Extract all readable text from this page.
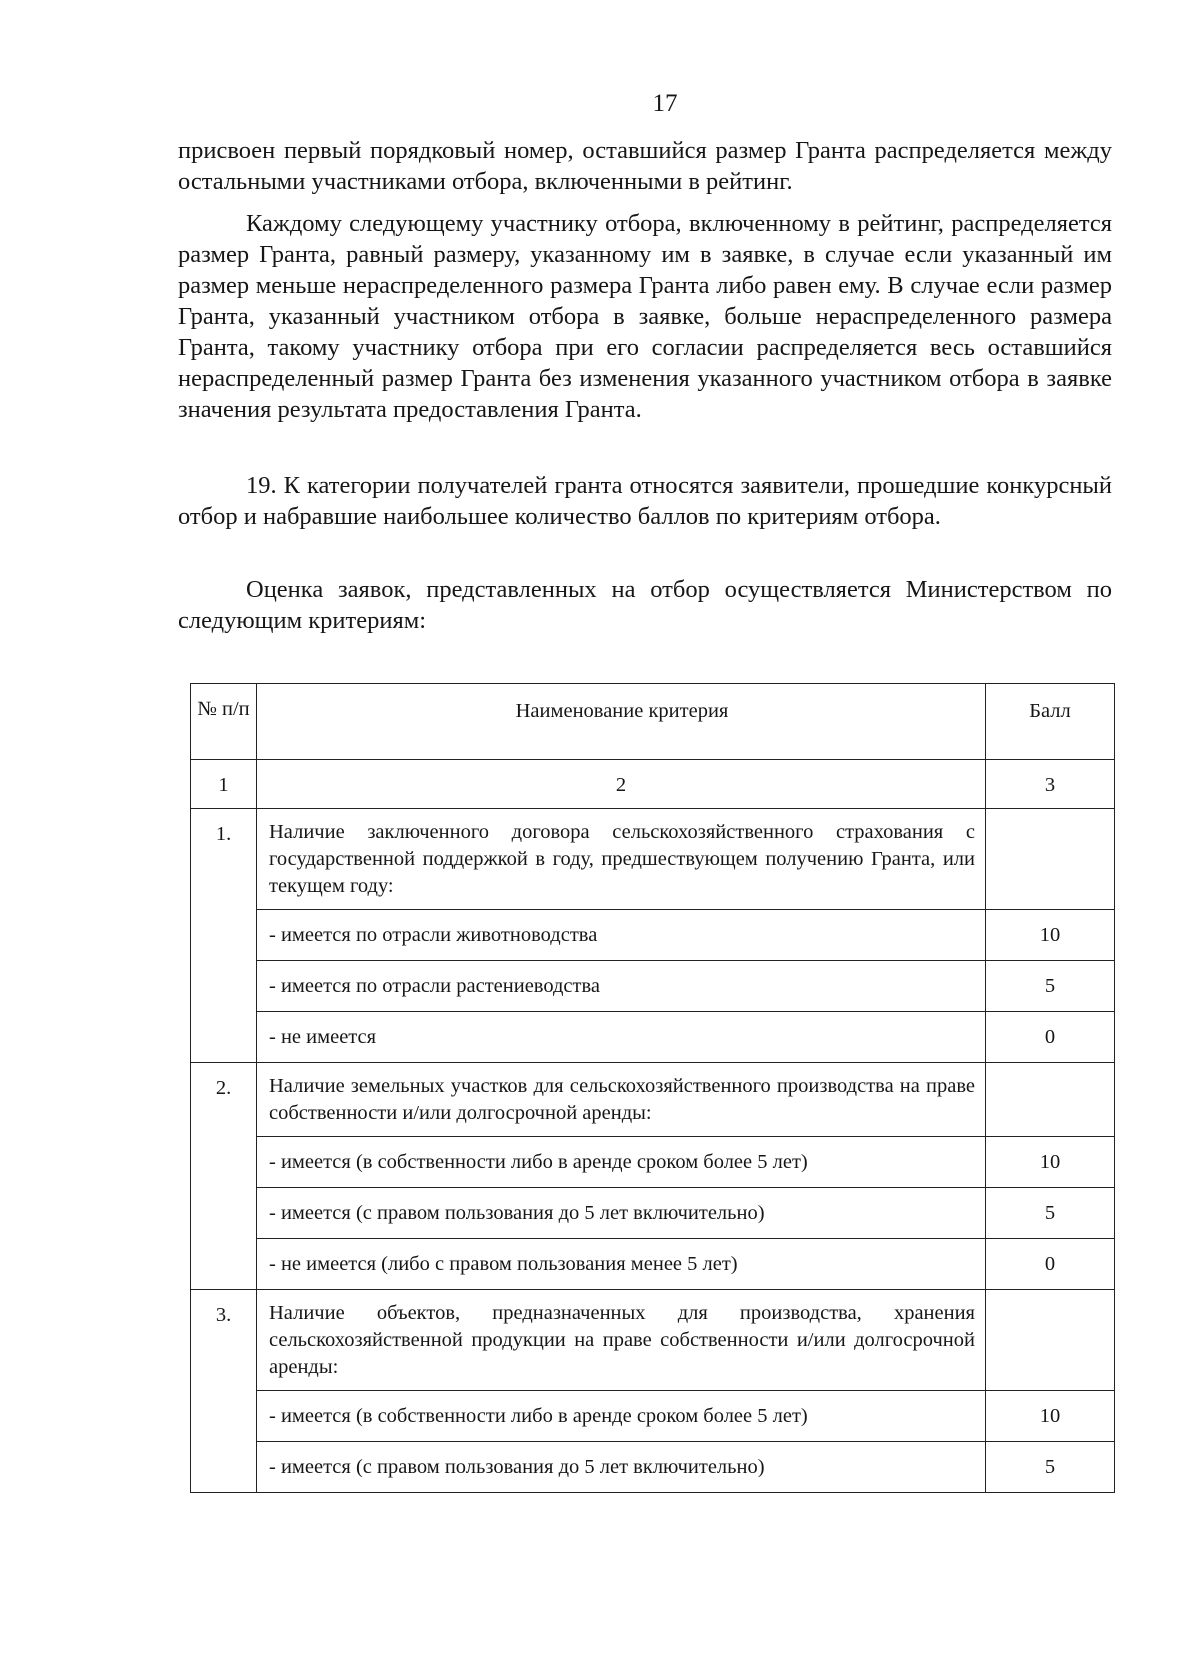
17

присвоен первый порядковый номер, оставшийся размер Гранта распределяется между остальными участниками отбора, включенными в рейтинг.

Каждому следующему участнику отбора, включенному в рейтинг, распределяется размер Гранта, равный размеру, указанному им в заявке, в случае если указанный им размер меньше нераспределенного размера Гранта либо равен ему. В случае если размер Гранта, указанный участником отбора в заявке, больше нераспределенного размера Гранта, такому участнику отбора при его согласии распределяется весь оставшийся нераспределенный размер Гранта без изменения указанного участником отбора в заявке значения результата предоставления Гранта.

19. К категории получателей гранта относятся заявители, прошедшие конкурсный отбор и набравшие наибольшее количество баллов по критериям отбора.

Оценка заявок, представленных на отбор осуществляется Министерством по следующим критериям:

№ п/п	Наименование критерия	Балл
1	2	3
1.	Наличие заключенного договора сельскохозяйственного страхования с государственной поддержкой в году, предшествующем получению Гранта, или текущем году:	
	- имеется по отрасли животноводства	10
	- имеется по отрасли растениеводства	5
	- не имеется	0
2.	Наличие земельных участков для сельскохозяйственного производства на праве собственности и/или долгосрочной аренды:	
	- имеется (в собственности либо в аренде сроком более 5 лет)	10
	- имеется (с правом пользования до 5 лет включительно)	5
	- не имеется (либо с правом пользования менее 5 лет)	0
3.	Наличие объектов, предназначенных для производства, хранения сельскохозяйственной продукции на праве собственности и/или долгосрочной аренды:	
	- имеется (в собственности либо в аренде сроком более 5 лет)	10
	- имеется (с правом пользования до 5 лет включительно)	5
